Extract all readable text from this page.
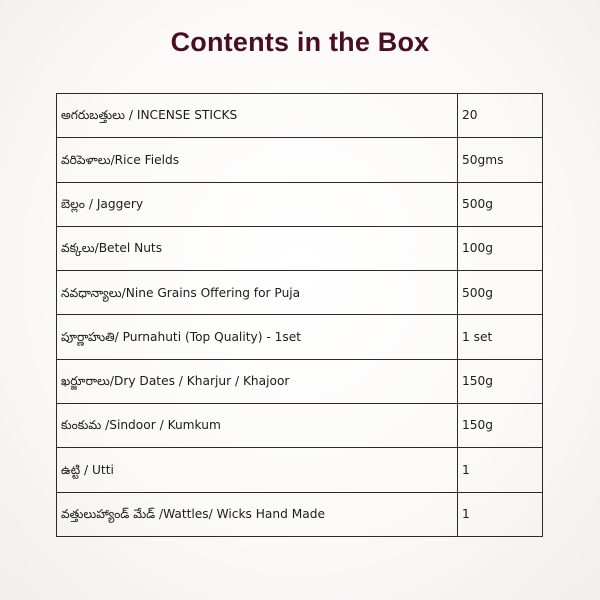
Contents in the Box
అగరుబత్తులు / INCENSE STICKS	20
వరిపెళాలు/Rice Fields	50gms
బెల్లం / Jaggery	500g
వక్కలు/Betel Nuts	100g
నవధాన్యాలు/Nine Grains Offering for Puja	500g
పూర్ణాహుతి/ Purnahuti (Top Quality) - 1set	1 set
ఖర్జూరాలు/Dry Dates / Kharjur / Khajoor	150g
కుంకుమ /Sindoor / Kumkum	150g
ఉట్టి / Utti	1
వత్తులుహ్యాండ్ మేడ్ /Wattles/ Wicks Hand Made	1
